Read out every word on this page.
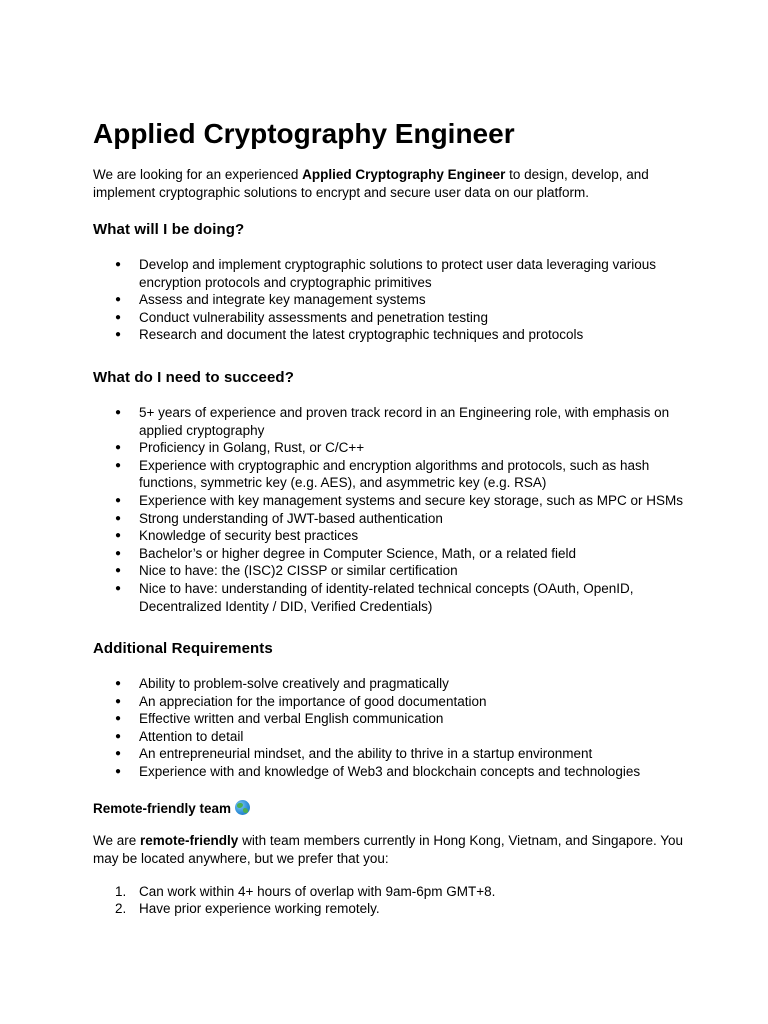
Applied Cryptography Engineer

We are looking for an experienced Applied Cryptography Engineer to design, develop, and implement cryptographic solutions to encrypt and secure user data on our platform.

What will I be doing?
● Develop and implement cryptographic solutions to protect user data leveraging various encryption protocols and cryptographic primitives
● Assess and integrate key management systems
● Conduct vulnerability assessments and penetration testing
● Research and document the latest cryptographic techniques and protocols
What do I need to succeed?
● 5+ years of experience and proven track record in an Engineering role, with emphasis on applied cryptography
● Proficiency in Golang, Rust, or C/C++
● Experience with cryptographic and encryption algorithms and protocols, such as hash functions, symmetric key (e.g. AES), and asymmetric key (e.g. RSA)
● Experience with key management systems and secure key storage, such as MPC or HSMs
● Strong understanding of JWT-based authentication
● Knowledge of security best practices
● Bachelor’s or higher degree in Computer Science, Math, or a related field
● Nice to have: the (ISC)2 CISSP or similar certification
● Nice to have: understanding of identity-related technical concepts (OAuth, OpenID, Decentralized Identity / DID, Verified Credentials)
Additional Requirements
● Ability to problem-solve creatively and pragmatically
● An appreciation for the importance of good documentation
● Effective written and verbal English communication
● Attention to detail
● An entrepreneurial mindset, and the ability to thrive in a startup environment
● Experience with and knowledge of Web3 and blockchain concepts and technologies
Remote-friendly team

We are remote-friendly with team members currently in Hong Kong, Vietnam, and Singapore. You may be located anywhere, but we prefer that you:

1. Can work within 4+ hours of overlap with 9am-6pm GMT+8.
2. Have prior experience working remotely.
